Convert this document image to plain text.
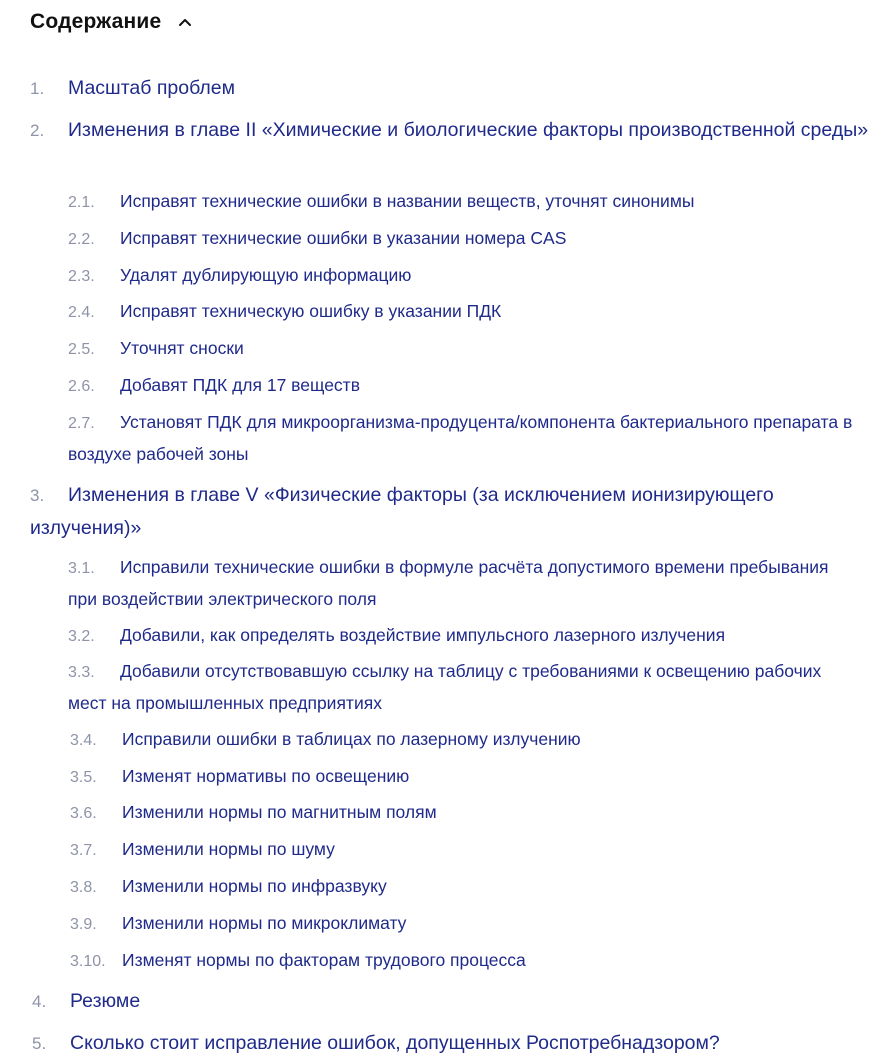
Содержание
1. Масштаб проблем
2. Изменения в главе II «Химические и биологические факторы производственной среды»
2.1. Исправят технические ошибки в названии веществ, уточнят синонимы
2.2. Исправят технические ошибки в указании номера CAS
2.3. Удалят дублирующую информацию
2.4. Исправят техническую ошибку в указании ПДК
2.5. Уточнят сноски
2.6. Добавят ПДК для 17 веществ
2.7. Установят ПДК для микроорганизма-продуцента/компонента бактериального препарата в воздухе рабочей зоны
3. Изменения в главе V «Физические факторы (за исключением ионизирующего излучения)»
3.1. Исправили технические ошибки в формуле расчёта допустимого времени пребывания при воздействии электрического поля
3.2. Добавили, как определять воздействие импульсного лазерного излучения
3.3. Добавили отсутствовавшую ссылку на таблицу с требованиями к освещению рабочих мест на промышленных предприятиях
3.4. Исправили ошибки в таблицах по лазерному излучению
3.5. Изменят нормативы по освещению
3.6. Изменили нормы по магнитным полям
3.7. Изменили нормы по шуму
3.8. Изменили нормы по инфразвуку
3.9. Изменили нормы по микроклимату
3.10. Изменят нормы по факторам трудового процесса
4. Резюме
5. Сколько стоит исправление ошибок, допущенных Роспотребнадзором?
